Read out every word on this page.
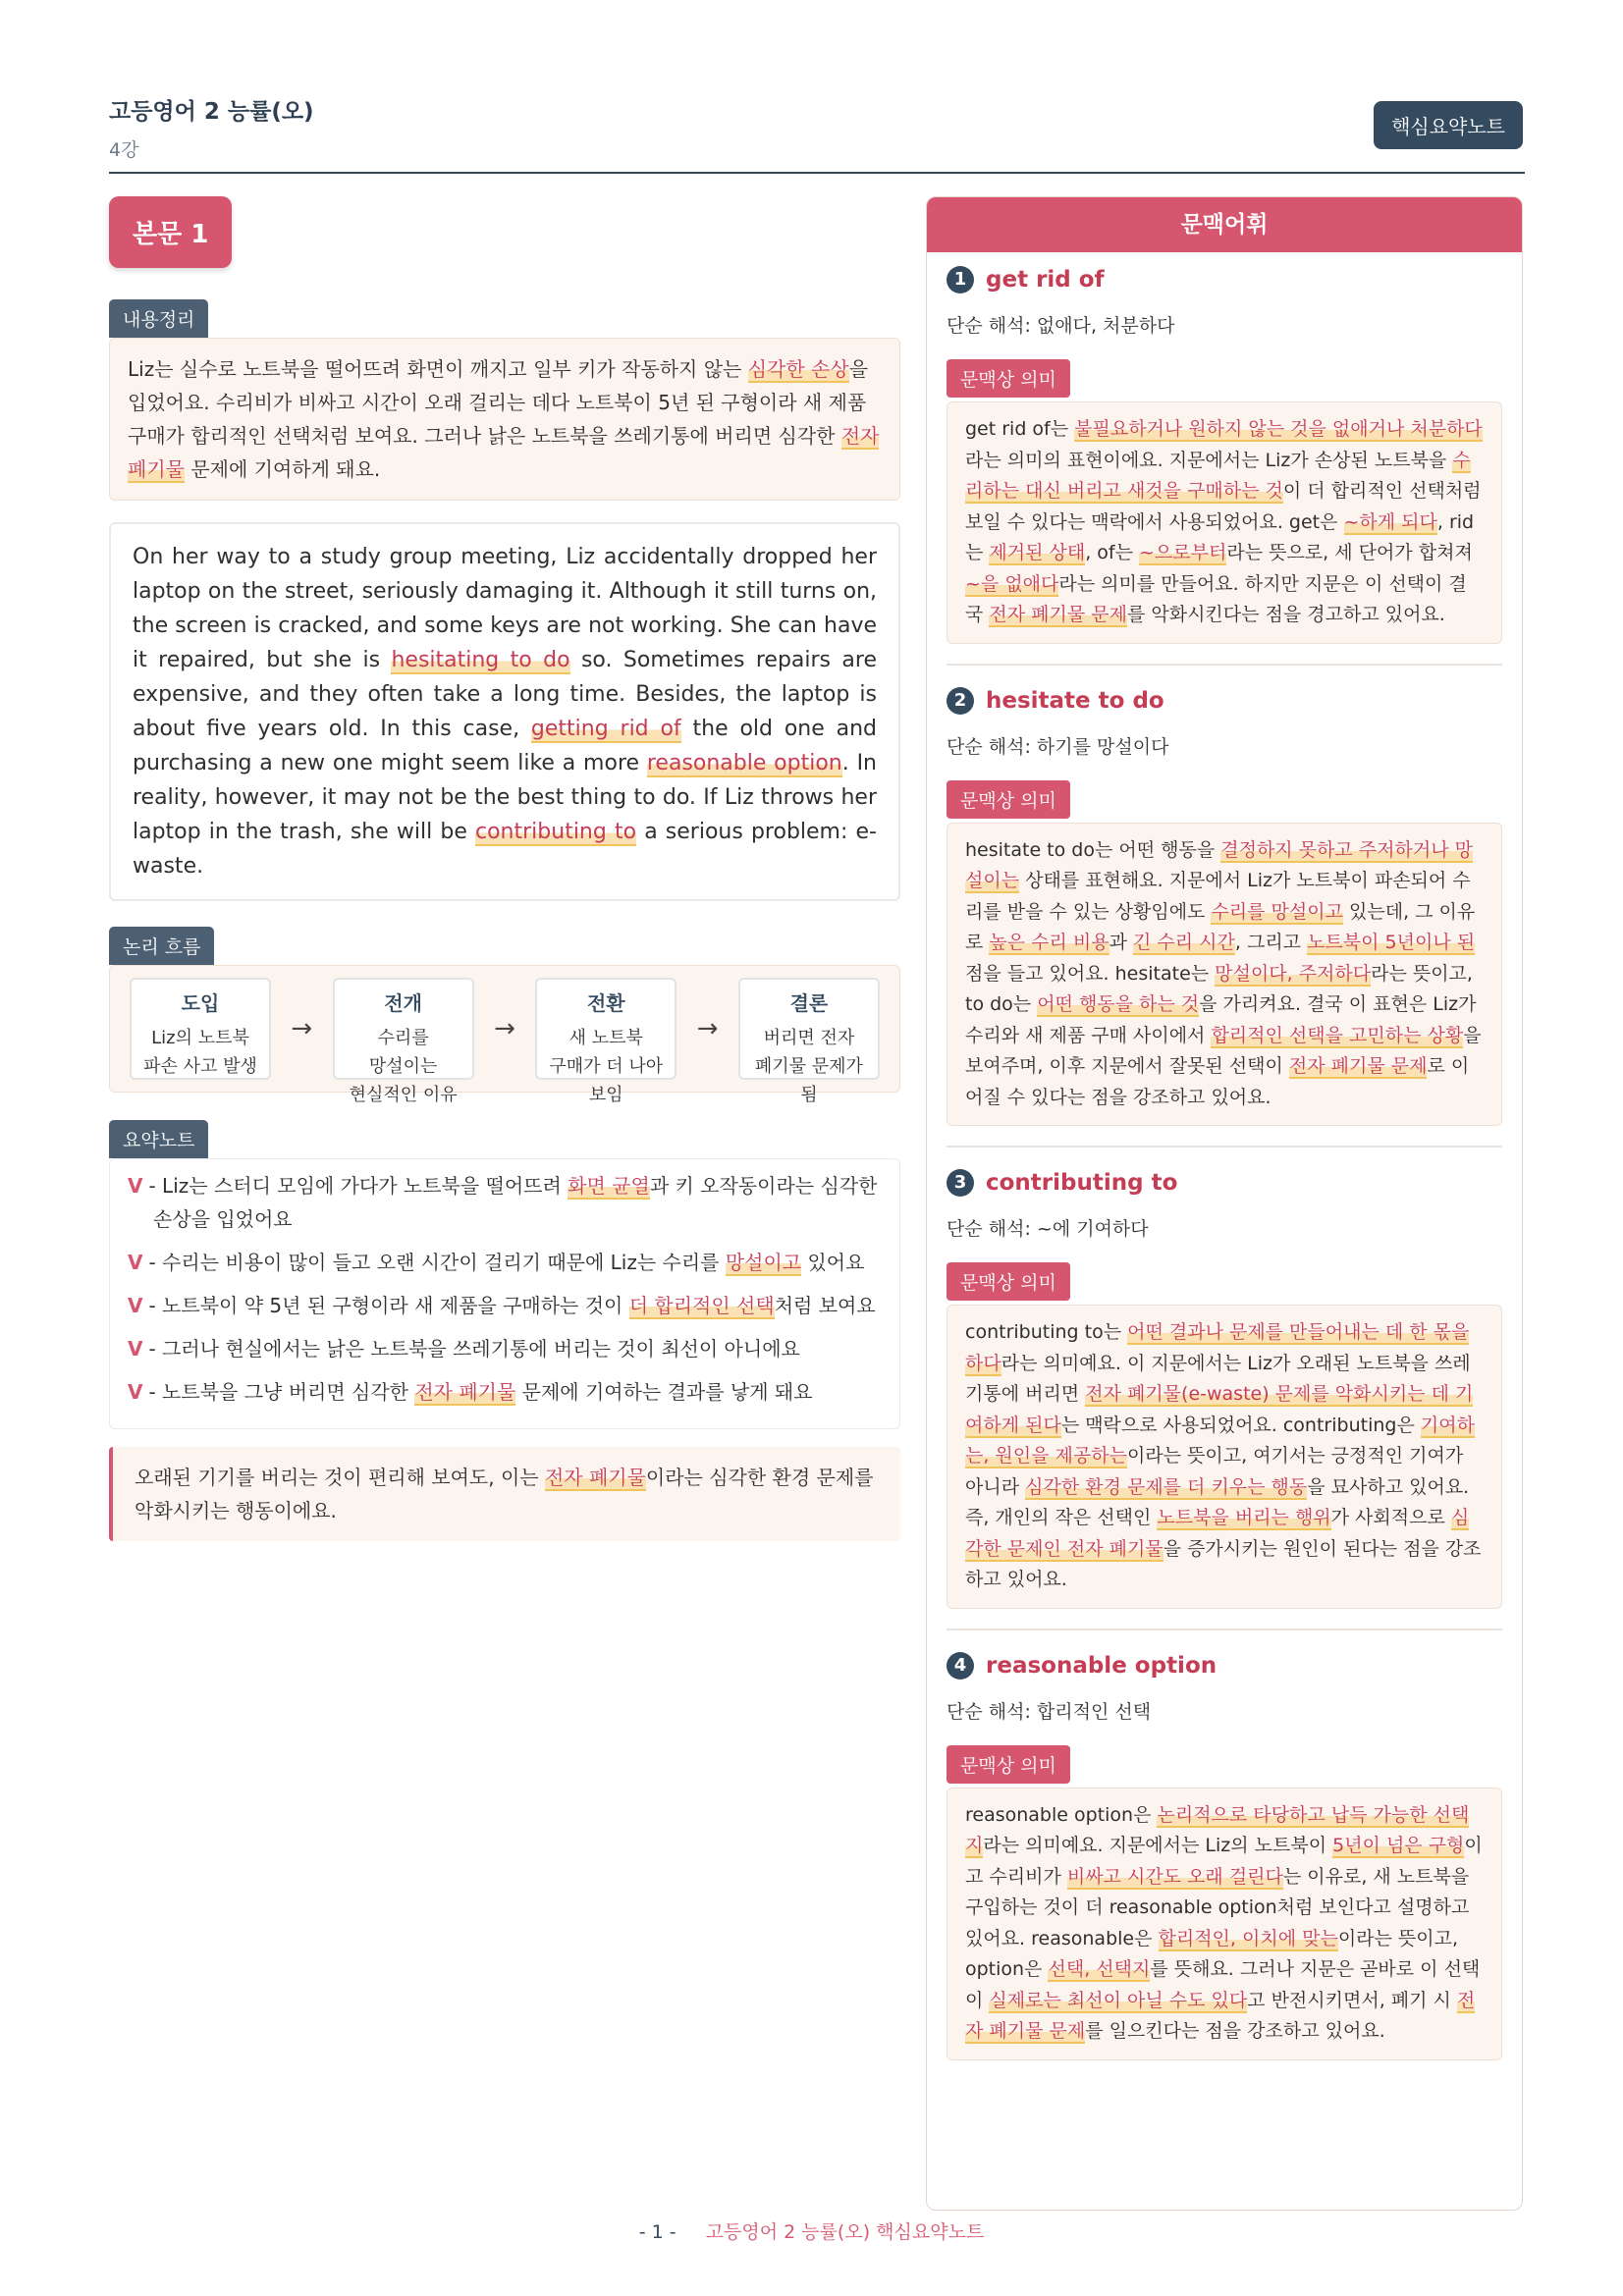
고등영어 2 능률(오)
4강
핵심요약노트
본문 1
내용정리
Liz는 실수로 노트북을 떨어뜨려 화면이 깨지고 일부 키가 작동하지 않는 심각한 손상을 입었어요. 수리비가 비싸고 시간이 오래 걸리는 데다 노트북이 5년 된 구형이라 새 제품 구매가 합리적인 선택처럼 보여요. 그러나 낡은 노트북을 쓰레기통에 버리면 심각한 전자 폐기물 문제에 기여하게 돼요.
On her way to a study group meeting, Liz accidentally dropped her laptop on the street, seriously damaging it. Although it still turns on, the screen is cracked, and some keys are not working. She can have it repaired, but she is hesitating to do so. Sometimes repairs are expensive, and they often take a long time. Besides, the laptop is about five years old. In this case, getting rid of the old one and purchasing a new one might seem like a more reasonable option. In reality, however, it may not be the best thing to do. If Liz throws her laptop in the trash, she will be contributing to a serious problem: e-waste.
논리 흐름
도입
Liz의 노트북
파손 사고 발생
→
전개
수리를
망설이는
현실적인 이유
→
전환
새 노트북
구매가 더 나아
보임
→
결론
버리면 전자
폐기물 문제가
됨
요약노트
V - Liz는 스터디 모임에 가다가 노트북을 떨어뜨려 화면 균열과 키 오작동이라는 심각한 손상을 입었어요
V - 수리는 비용이 많이 들고 오랜 시간이 걸리기 때문에 Liz는 수리를 망설이고 있어요
V - 노트북이 약 5년 된 구형이라 새 제품을 구매하는 것이 더 합리적인 선택처럼 보여요
V - 그러나 현실에서는 낡은 노트북을 쓰레기통에 버리는 것이 최선이 아니에요
V - 노트북을 그냥 버리면 심각한 전자 폐기물 문제에 기여하는 결과를 낳게 돼요
오래된 기기를 버리는 것이 편리해 보여도, 이는 전자 폐기물이라는 심각한 환경 문제를 악화시키는 행동이에요.
문맥어휘
1 get rid of
단순 해석: 없애다, 처분하다
문맥상 의미
get rid of는 불필요하거나 원하지 않는 것을 없애거나 처분하다라는 의미의 표현이에요. 지문에서는 Liz가 손상된 노트북을 수리하는 대신 버리고 새것을 구매하는 것이 더 합리적인 선택처럼 보일 수 있다는 맥락에서 사용되었어요. get은 ~하게 되다, rid는 제거된 상태, of는 ~으로부터라는 뜻으로, 세 단어가 합쳐져 ~을 없애다라는 의미를 만들어요. 하지만 지문은 이 선택이 결국 전자 폐기물 문제를 악화시킨다는 점을 경고하고 있어요.
2 hesitate to do
단순 해석: 하기를 망설이다
문맥상 의미
hesitate to do는 어떤 행동을 결정하지 못하고 주저하거나 망설이는 상태를 표현해요. 지문에서 Liz가 노트북이 파손되어 수리를 받을 수 있는 상황임에도 수리를 망설이고 있는데, 그 이유로 높은 수리 비용과 긴 수리 시간, 그리고 노트북이 5년이나 된 점을 들고 있어요. hesitate는 망설이다, 주저하다라는 뜻이고, to do는 어떤 행동을 하는 것을 가리켜요. 결국 이 표현은 Liz가 수리와 새 제품 구매 사이에서 합리적인 선택을 고민하는 상황을 보여주며, 이후 지문에서 잘못된 선택이 전자 폐기물 문제로 이어질 수 있다는 점을 강조하고 있어요.
3 contributing to
단순 해석: ~에 기여하다
문맥상 의미
contributing to는 어떤 결과나 문제를 만들어내는 데 한 몫을 하다라는 의미예요. 이 지문에서는 Liz가 오래된 노트북을 쓰레기통에 버리면 전자 폐기물(e-waste) 문제를 악화시키는 데 기여하게 된다는 맥락으로 사용되었어요. contributing은 기여하는, 원인을 제공하는이라는 뜻이고, 여기서는 긍정적인 기여가 아니라 심각한 환경 문제를 더 키우는 행동을 묘사하고 있어요. 즉, 개인의 작은 선택인 노트북을 버리는 행위가 사회적으로 심각한 문제인 전자 폐기물을 증가시키는 원인이 된다는 점을 강조하고 있어요.
4 reasonable option
단순 해석: 합리적인 선택
문맥상 의미
reasonable option은 논리적으로 타당하고 납득 가능한 선택지라는 의미예요. 지문에서는 Liz의 노트북이 5년이 넘은 구형이고 수리비가 비싸고 시간도 오래 걸린다는 이유로, 새 노트북을 구입하는 것이 더 reasonable option처럼 보인다고 설명하고 있어요. reasonable은 합리적인, 이치에 맞는이라는 뜻이고, option은 선택, 선택지를 뜻해요. 그러나 지문은 곧바로 이 선택이 실제로는 최선이 아닐 수도 있다고 반전시키면서, 폐기 시 전자 폐기물 문제를 일으킨다는 점을 강조하고 있어요.
- 1 - 고등영어 2 능률(오) 핵심요약노트
